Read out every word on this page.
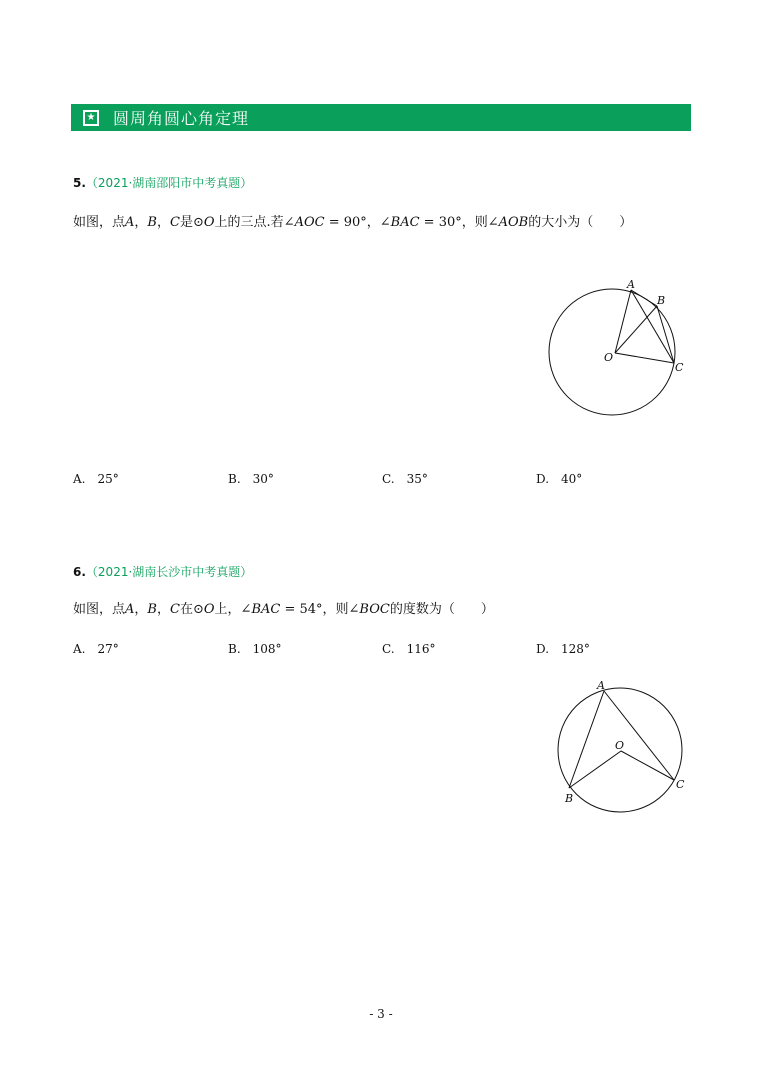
★ 圆周角圆心角定理
5.（2021·湖南邵阳市中考真题）
如图，点A，B，C是⊙O上的三点.若∠AOC = 90°，∠BAC = 30°，则∠AOB的大小为（　　）
A
B
C
O
A.　25°	B.　30°	C.　35°	D.　40°
6.（2021·湖南长沙市中考真题）
如图，点A，B，C在⊙O上，∠BAC = 54°，则∠BOC的度数为（　　）
A.　27°	B.　108°	C.　116°	D.　128°
A
B
C
O
- 3 -
